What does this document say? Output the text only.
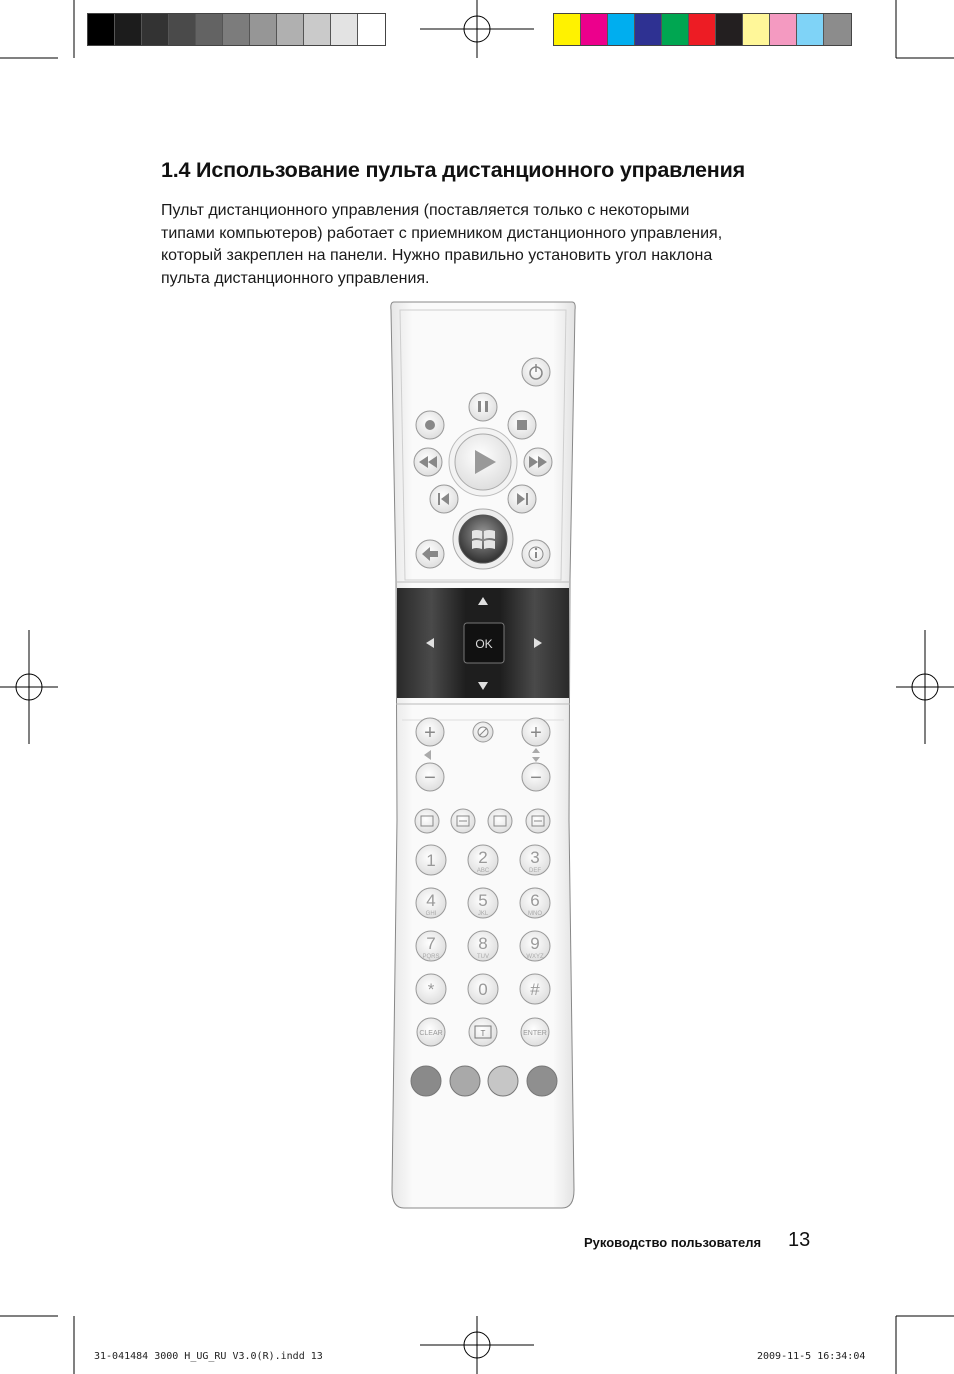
1.4 Использование пульта дистанционного управления

Пульт дистанционного управления (поставляется только с некоторыми
типами компьютеров) работает с приемником дистанционного управления,
который закреплен на панели. Нужно правильно установить угол наклона
пульта дистанционного управления.

OK
+	+
−	−
1	2
ABC
3
DEF
4
GHI
5
JKL
6
MNO
7
PQRS
8
TUV
9
WXYZ
*	0	#
CLEAR	T	ENTER
Руководство пользователя 13
31-041484 3000 H_UG_RU V3.0(R).indd 13	2009-11-5 16:34:04
